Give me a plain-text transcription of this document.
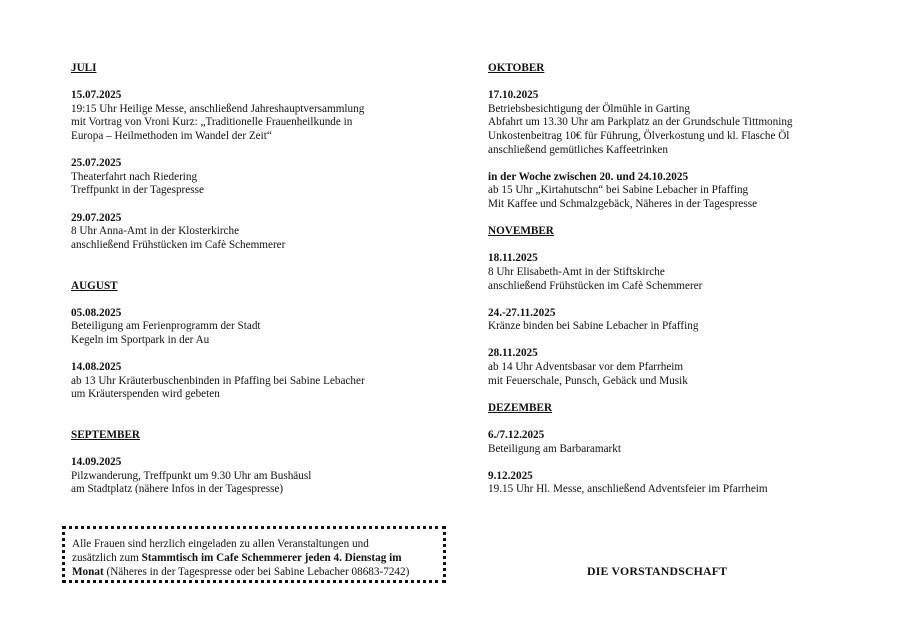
JULI
15.07.2025
19:15 Uhr Heilige Messe, anschließend Jahreshauptversammlung
mit Vortrag von Vroni Kurz: „Traditionelle Frauenheilkunde in
Europa – Heilmethoden im Wandel der Zeit“
25.07.2025
Theaterfahrt nach Riedering
Treffpunkt in der Tagespresse
29.07.2025
8 Uhr Anna-Amt in der Klosterkirche
anschließend Frühstücken im Cafè Schemmerer
AUGUST
05.08.2025
Beteiligung am Ferienprogramm der Stadt
Kegeln im Sportpark in der Au
14.08.2025
ab 13 Uhr Kräuterbuschenbinden in Pfaffing bei Sabine Lebacher
um Kräuterspenden wird gebeten
SEPTEMBER
14.09.2025
Pilzwanderung, Treffpunkt um 9.30 Uhr am Bushäusl
am Stadtplatz (nähere Infos in der Tagespresse)
OKTOBER
17.10.2025
Betriebsbesichtigung der Ölmühle in Garting
Abfahrt um 13.30 Uhr am Parkplatz an der Grundschule Tittmoning
Unkostenbeitrag 10€ für Führung, Ölverkostung und kl. Flasche Öl
anschließend gemütliches Kaffeetrinken
in der Woche zwischen 20. und 24.10.2025
ab 15 Uhr „Kirtahutschn“ bei Sabine Lebacher in Pfaffing
Mit Kaffee und Schmalzgebäck, Näheres in der Tagespresse
NOVEMBER
18.11.2025
8 Uhr Elisabeth-Amt in der Stiftskirche
anschließend Frühstücken im Cafè Schemmerer
24.-27.11.2025
Kränze binden bei Sabine Lebacher in Pfaffing
28.11.2025
ab 14 Uhr Adventsbasar vor dem Pfarrheim
mit Feuerschale, Punsch, Gebäck und Musik
DEZEMBER
6./7.12.2025
Beteiligung am Barbaramarkt
9.12.2025
19.15 Uhr Hl. Messe, anschließend Adventsfeier im Pfarrheim
Alle Frauen sind herzlich eingeladen zu allen Veranstaltungen und
zusätzlich zum Stammtisch im Cafe Schemmerer jeden 4. Dienstag im
Monat (Näheres in der Tagespresse oder bei Sabine Lebacher 08683-7242)	DIE VORSTANDSCHAFT
